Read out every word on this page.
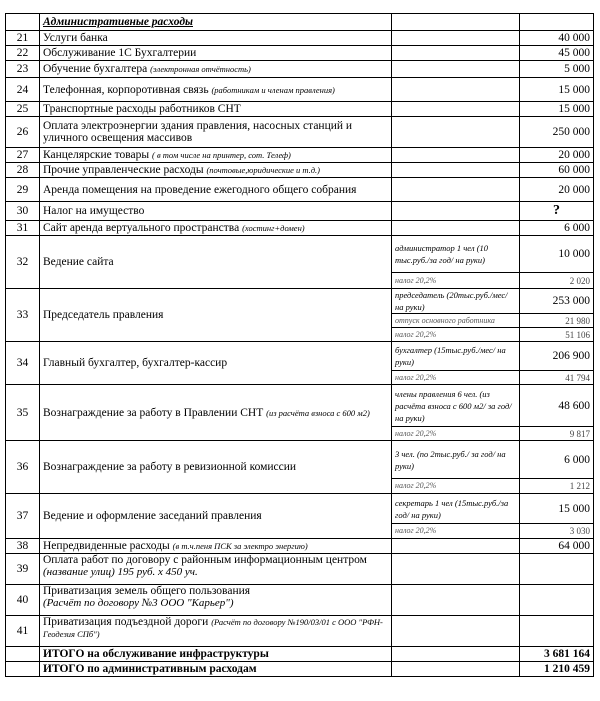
	Административные расходы		
21	Услуги банка		40 000
22	Обслуживание 1С Бухгалтерии		45 000
23	Обучение бухгалтера (электронная отчётность)		5 000
24	Телефонная, корпоротивная связь (работникам и членам правления)		15 000
25	Транспортные расходы работников СНТ		15 000
26	Оплата электроэнергии здания правления, насосных станций и уличного освещения массивов		250 000
27	Канцелярские товары ( в том числе на принтер, сот. Телеф)		20 000
28	Прочие управленческие расходы (почтовые,юридические и т.д.)		60 000
29	Аренда помещения на проведение ежегодного общего собрания		20 000
30	Налог на имущество		?
31	Сайт аренда вертуального пространства (хостинг+домен)		6 000
32	Ведение сайта	администратор 1 чел (10 тыс.руб./за год/ на руки)	10 000
		налог 20,2%	2 020
33	Председатель правления	председатель (20тыс.руб./мес/ на руки)	253 000
		отпуск основного работника	21 980
		налог 20,2%	51 106
34	Главный бухгалтер, бухгалтер-кассир	бухгалтер (15тыс.руб./мес/ на руки)	206 900
		налог 20,2%	41 794
35	Вознаграждение за работу в Правлении СНТ (из расчёта взноса с 600 м2)	члены правления 6 чел. (из расчёта взноса с 600 м2/ за год/ на руки)	48 600
		налог 20,2%	9 817
36	Вознаграждение за работу в ревизионной комиссии	3 чел. (по 2тыс.руб./ за год/ на руки)	6 000
		налог 20,2%	1 212
37	Ведение и оформление заседаний правления	секретарь 1 чел (15тыс.руб./за год/ на руки)	15 000
		налог 20,2%	3 030
38	Непредвиденные расходы (в т.ч.пеня ПСК за электро энергию)		64 000
39	Оплата работ по договору с районным информационным центром
(название улиц) 195 руб. х 450 уч.		
40	Приватизация земель общего пользования
(Расчёт по договору №3 ООО "Карьер")		
41	Приватизация подъездной дороги (Расчёт по договору №190/03/01 с ООО "РФН-Геодезия СПб")		
	ИТОГО на обслуживание инфраструктуры		3 681 164
	ИТОГО по административным расходам		1 210 459
